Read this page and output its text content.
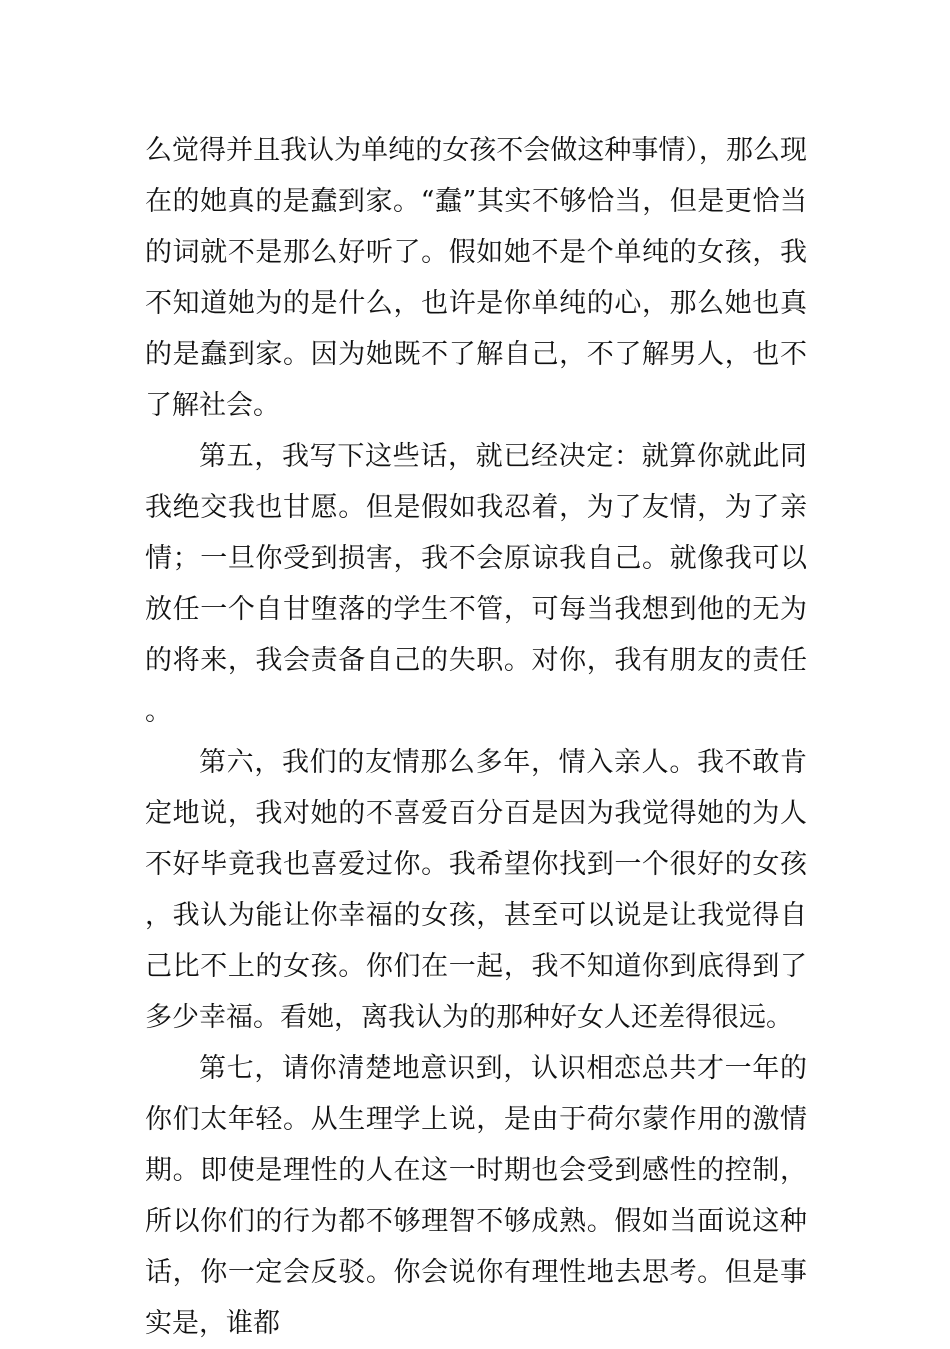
么觉得并且我认为单纯的女孩不会做这种事情），那么现在的她真的是蠢到家。“蠢”其实不够恰当，但是更恰当的词就不是那么好听了。假如她不是个单纯的女孩，我不知道她为的是什么，也许是你单纯的心，那么她也真的是蠢到家。因为她既不了解自己，不了解男人，也不了解社会。

第五，我写下这些话，就已经决定：就算你就此同我绝交我也甘愿。但是假如我忍着，为了友情，为了亲情；一旦你受到损害，我不会原谅我自己。就像我可以放任一个自甘堕落的学生不管，可每当我想到他的无为的将来，我会责备自己的失职。对你，我有朋友的责任。

第六，我们的友情那么多年，情入亲人。我不敢肯定地说，我对她的不喜爱百分百是因为我觉得她的为人不好毕竟我也喜爱过你。我希望你找到一个很好的女孩，我认为能让你幸福的女孩，甚至可以说是让我觉得自己比不上的女孩。你们在一起，我不知道你到底得到了多少幸福。看她，离我认为的那种好女人还差得很远。

第七，请你清楚地意识到，认识相恋总共才一年的你们太年轻。从生理学上说，是由于荷尔蒙作用的激情期。即使是理性的人在这一时期也会受到感性的控制，所以你们的行为都不够理智不够成熟。假如当面说这种话，你一定会反驳。你会说你有理性地去思考。但是事实是，谁都
